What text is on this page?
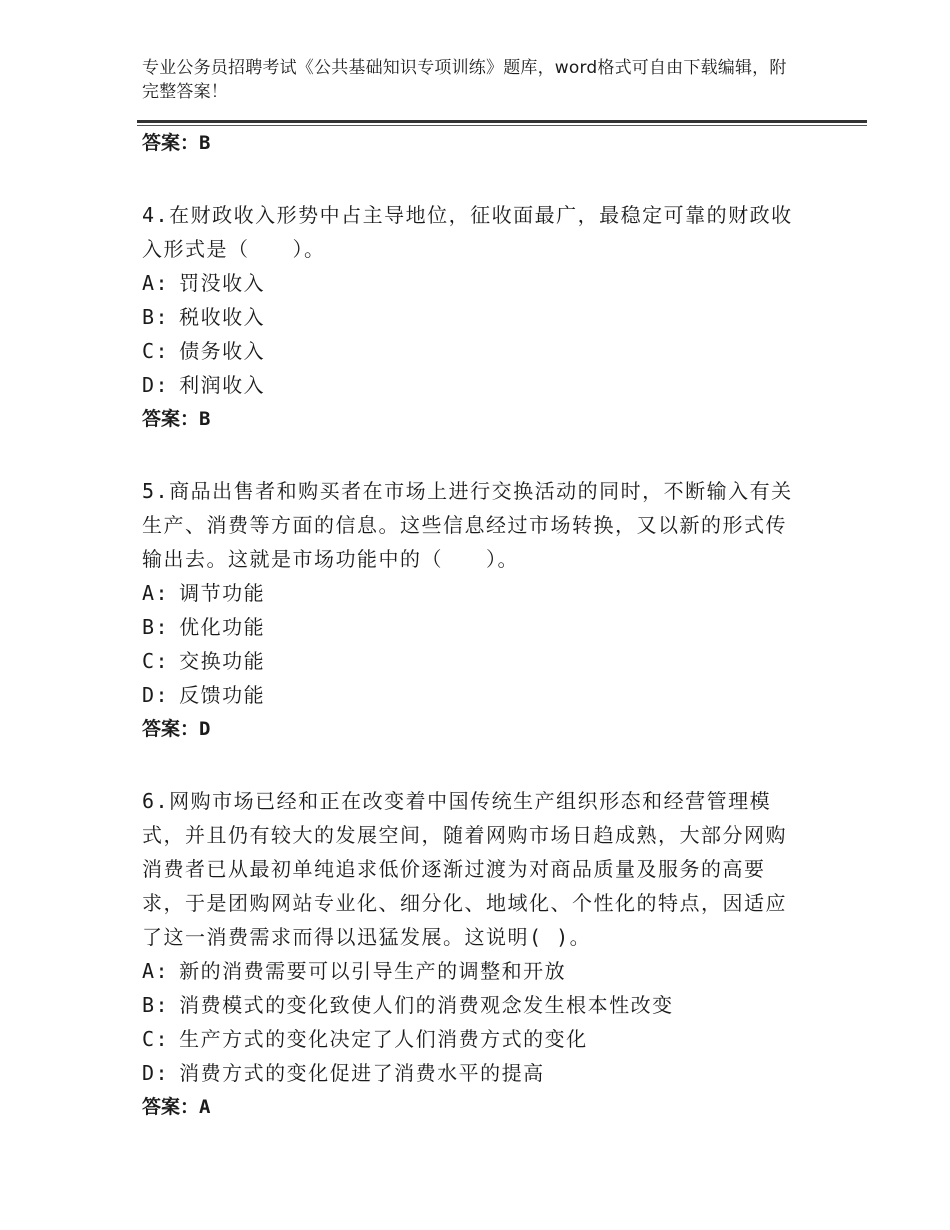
专业公务员招聘考试《公共基础知识专项训练》题库，word格式可自由下载编辑，附完整答案！
答案：B
4.在财政收入形势中占主导地位，征收面最广，最稳定可靠的财政收入形式是（　　）。
A: 罚没收入
B: 税收收入
C: 债务收入
D: 利润收入
答案：B
5.商品出售者和购买者在市场上进行交换活动的同时，不断输入有关生产、消费等方面的信息。这些信息经过市场转换，又以新的形式传输出去。这就是市场功能中的（　　）。
A: 调节功能
B: 优化功能
C: 交换功能
D: 反馈功能
答案：D
6.网购市场已经和正在改变着中国传统生产组织形态和经营管理模式，并且仍有较大的发展空间，随着网购市场日趋成熟，大部分网购消费者已从最初单纯追求低价逐渐过渡为对商品质量及服务的高要求，于是团购网站专业化、细分化、地域化、个性化的特点，因适应了这一消费需求而得以迅猛发展。这说明( )。
A: 新的消费需要可以引导生产的调整和开放
B: 消费模式的变化致使人们的消费观念发生根本性改变
C: 生产方式的变化决定了人们消费方式的变化
D: 消费方式的变化促进了消费水平的提高
答案：A
